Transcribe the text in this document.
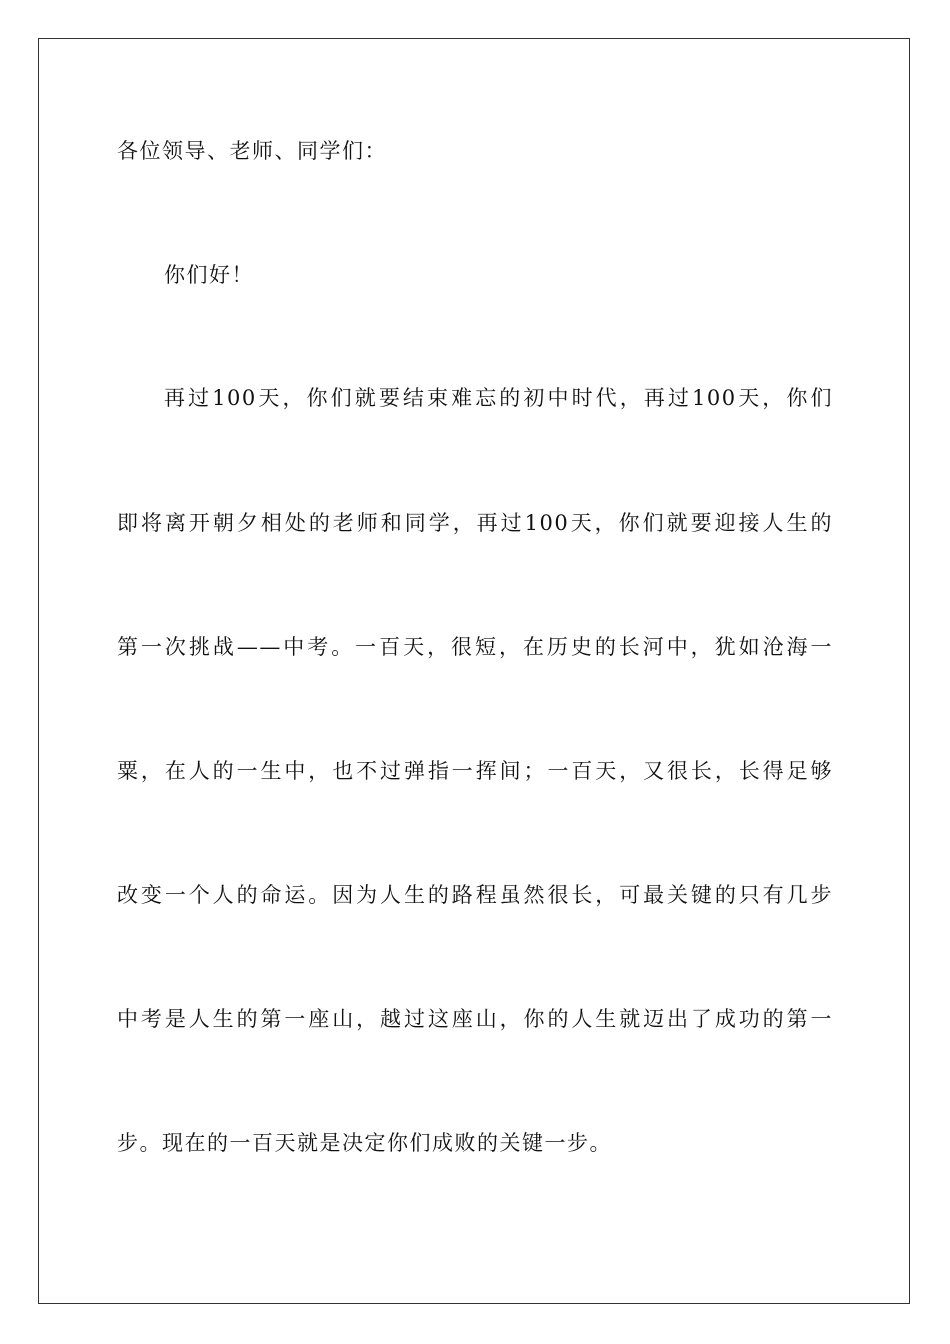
各位领导、老师、同学们：
你们好！
再过100天，你们就要结束难忘的初中时代，再过100天，你们
即将离开朝夕相处的老师和同学，再过100天，你们就要迎接人生的
第一次挑战——中考。一百天，很短，在历史的长河中，犹如沧海一
粟，在人的一生中，也不过弹指一挥间；一百天，又很长，长得足够
改变一个人的命运。因为人生的路程虽然很长，可最关键的只有几步
中考是人生的第一座山，越过这座山，你的人生就迈出了成功的第一
步。现在的一百天就是决定你们成败的关键一步。
